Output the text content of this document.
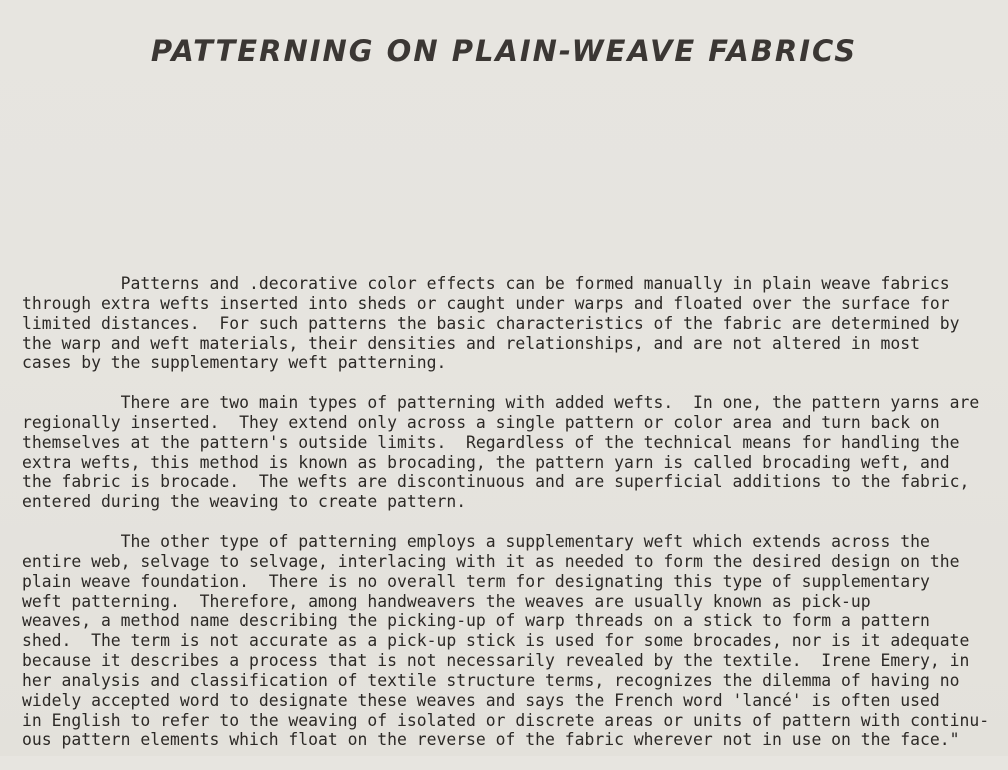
PATTERNING ON PLAIN-WEAVE FABRICS

Patterns and .decorative color effects can be formed manually in plain weave fabrics
through extra wefts inserted into sheds or caught under warps and floated over the surface for
limited distances.  For such patterns the basic characteristics of the fabric are determined by
the warp and weft materials, their densities and relationships, and are not altered in most
cases by the supplementary weft patterning.

There are two main types of patterning with added wefts.  In one, the pattern yarns are
regionally inserted.  They extend only across a single pattern or color area and turn back on
themselves at the pattern's outside limits.  Regardless of the technical means for handling the
extra wefts, this method is known as brocading, the pattern yarn is called brocading weft, and
the fabric is brocade.  The wefts are discontinuous and are superficial additions to the fabric,
entered during the weaving to create pattern.

The other type of patterning employs a supplementary weft which extends across the
entire web, selvage to selvage, interlacing with it as needed to form the desired design on the
plain weave foundation.  There is no overall term for designating this type of supplementary
weft patterning.  Therefore, among handweavers the weaves are usually known as pick-up
weaves, a method name describing the picking-up of warp threads on a stick to form a pattern
shed.  The term is not accurate as a pick-up stick is used for some brocades, nor is it adequate
because it describes a process that is not necessarily revealed by the textile.  Irene Emery, in
her analysis and classification of textile structure terms, recognizes the dilemma of having no
widely accepted word to designate these weaves and says the French word 'lancé' is often used
in English to refer to the weaving of isolated or discrete areas or units of pattern with continu-
ous pattern elements which float on the reverse of the fabric wherever not in use on the face."
